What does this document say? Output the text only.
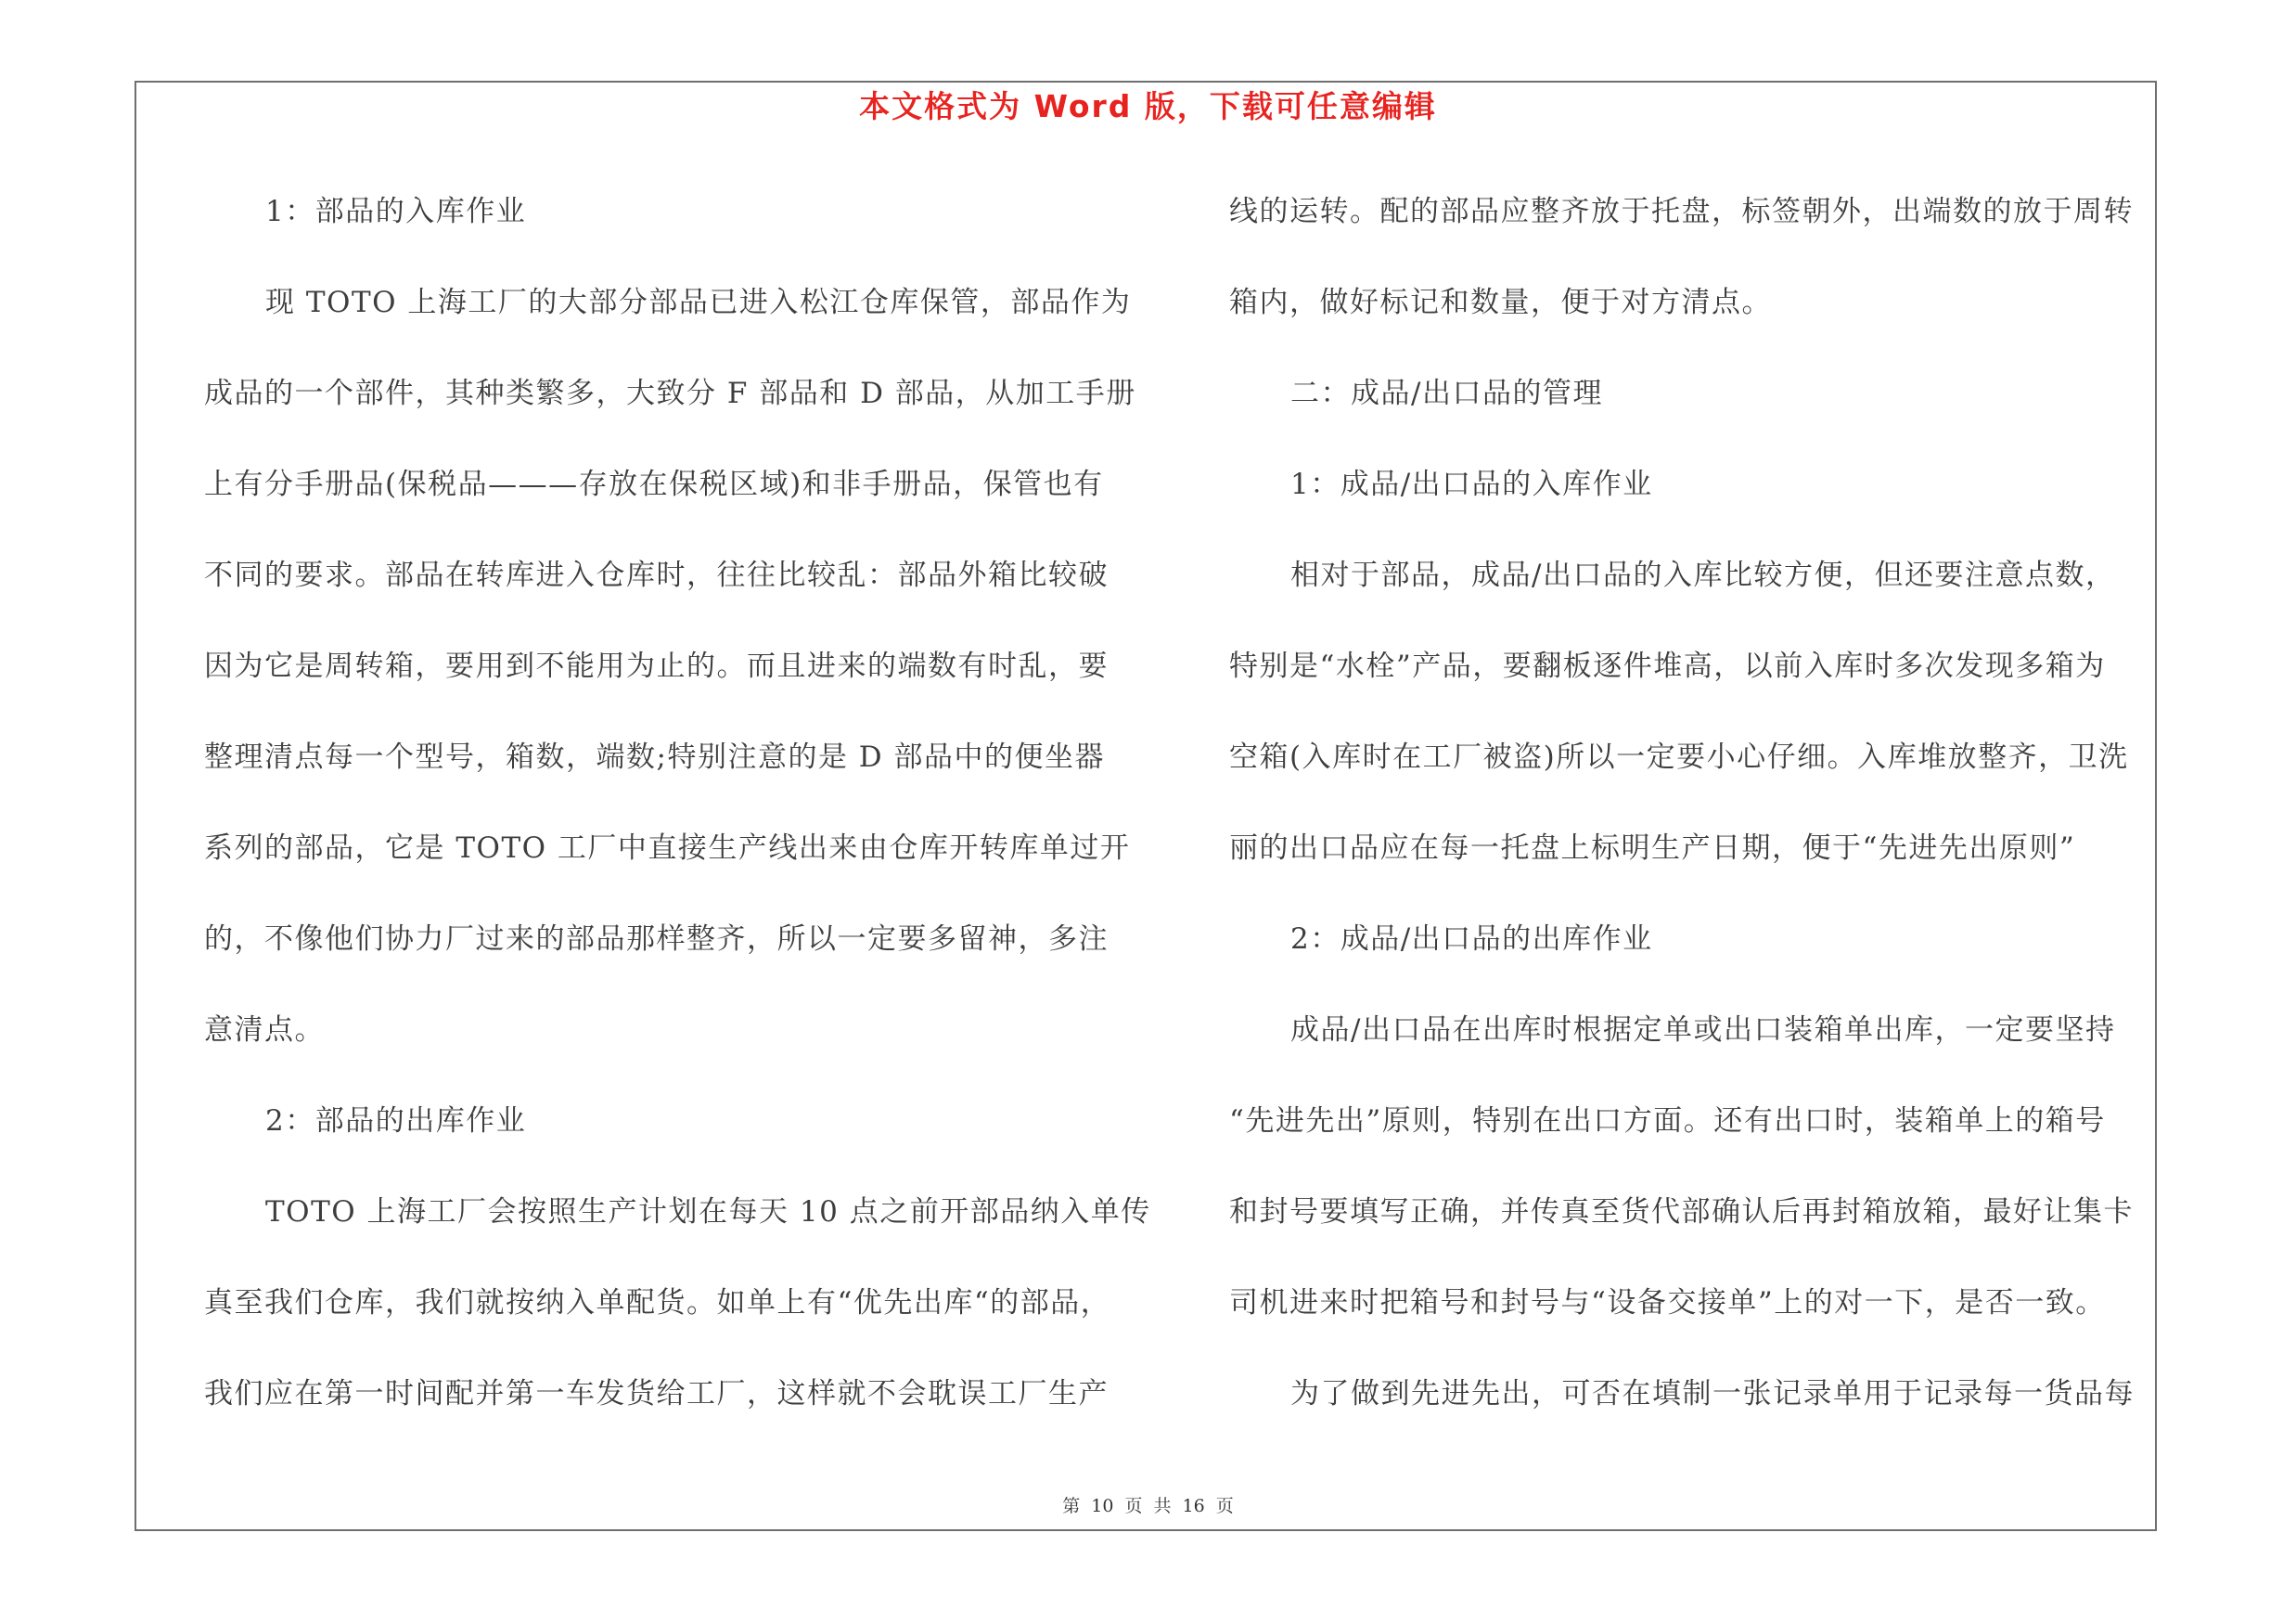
本文格式为 Word 版，下载可任意编辑
1：部品的入库作业
现 TOTO 上海工厂的大部分部品已进入松江仓库保管，部品作为
成品的一个部件，其种类繁多，大致分 F 部品和 D 部品，从加工手册
上有分手册品(保税品———存放在保税区域)和非手册品，保管也有
不同的要求。部品在转库进入仓库时，往往比较乱：部品外箱比较破
因为它是周转箱，要用到不能用为止的。而且进来的端数有时乱，要
整理清点每一个型号，箱数，端数;特别注意的是 D 部品中的便坐器
系列的部品，它是 TOTO 工厂中直接生产线出来由仓库开转库单过开
的，不像他们协力厂过来的部品那样整齐，所以一定要多留神，多注
意清点。
2：部品的出库作业
TOTO 上海工厂会按照生产计划在每天 10 点之前开部品纳入单传
真至我们仓库，我们就按纳入单配货。如单上有“优先出库“的部品，
我们应在第一时间配并第一车发货给工厂，这样就不会耽误工厂生产
线的运转。配的部品应整齐放于托盘，标签朝外，出端数的放于周转
箱内，做好标记和数量，便于对方清点。
二：成品/出口品的管理
1：成品/出口品的入库作业
相对于部品，成品/出口品的入库比较方便，但还要注意点数，
特别是“水栓”产品，要翻板逐件堆高，以前入库时多次发现多箱为
空箱(入库时在工厂被盗)所以一定要小心仔细。入库堆放整齐，卫洗
丽的出口品应在每一托盘上标明生产日期，便于“先进先出原则”
2：成品/出口品的出库作业
成品/出口品在出库时根据定单或出口装箱单出库，一定要坚持
“先进先出”原则，特别在出口方面。还有出口时，装箱单上的箱号
和封号要填写正确，并传真至货代部确认后再封箱放箱，最好让集卡
司机进来时把箱号和封号与“设备交接单”上的对一下，是否一致。
为了做到先进先出，可否在填制一张记录单用于记录每一货品每
第 10 页 共 16 页
